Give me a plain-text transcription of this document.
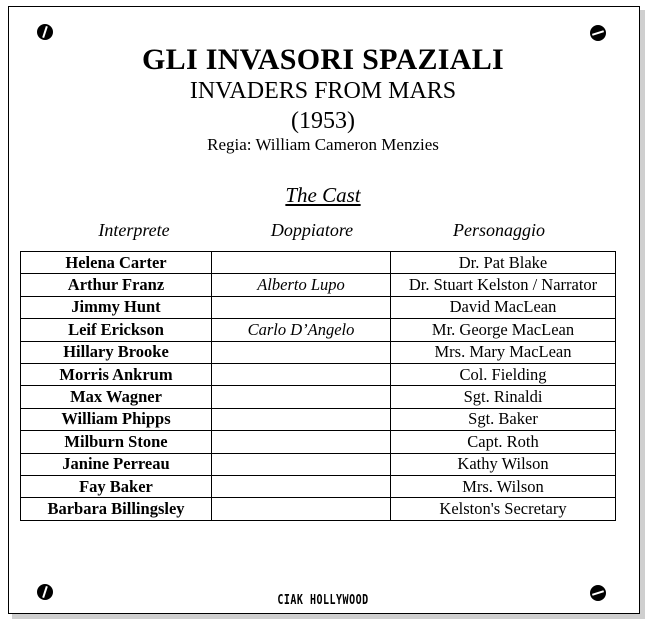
GLI INVASORI SPAZIALI
INVADERS FROM MARS
(1953)
Regia: William Cameron Menzies
The Cast
Interprete	Doppiatore	Personaggio
Helena Carter		Dr. Pat Blake
Arthur Franz	Alberto Lupo	Dr. Stuart Kelston / Narrator
Jimmy Hunt		David MacLean
Leif Erickson	Carlo D’Angelo	Mr. George MacLean
Hillary Brooke		Mrs. Mary MacLean
Morris Ankrum		Col. Fielding
Max Wagner		Sgt. Rinaldi
William Phipps		Sgt. Baker
Milburn Stone		Capt. Roth
Janine Perreau		Kathy Wilson
Fay Baker		Mrs. Wilson
Barbara Billingsley		Kelston's Secretary
CIAK HOLLYWOOD
